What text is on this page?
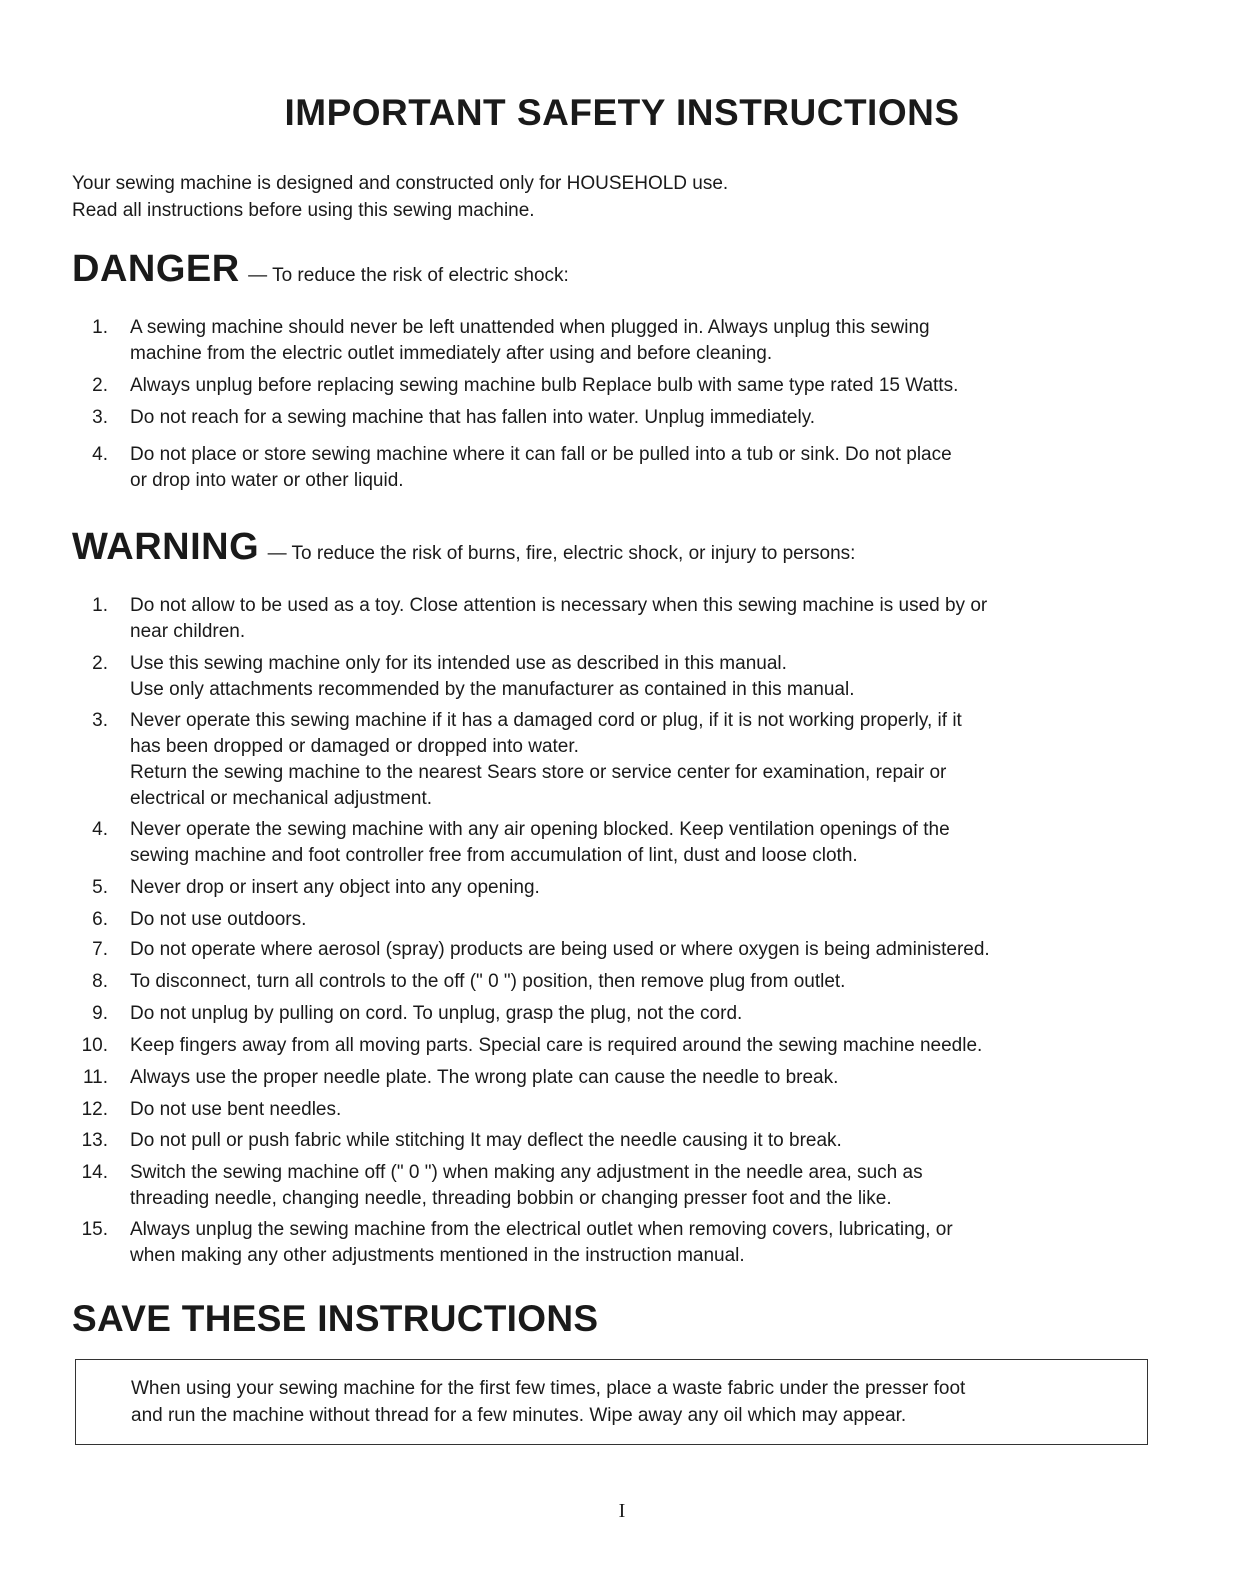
IMPORTANT SAFETY INSTRUCTIONS
Your sewing machine is designed and constructed only for HOUSEHOLD use.
Read all instructions before using this sewing machine.
DANGER — To reduce the risk of electric shock:
1. A sewing machine should never be left unattended when plugged in. Always unplug this sewing
machine from the electric outlet immediately after using and before cleaning.
2. Always unplug before replacing sewing machine bulb Replace bulb with same type rated 15 Watts.
3. Do not reach for a sewing machine that has fallen into water. Unplug immediately.
4. Do not place or store sewing machine where it can fall or be pulled into a tub or sink. Do not place
or drop into water or other liquid.
WARNING — To reduce the risk of burns, fire, electric shock, or injury to persons:
1. Do not allow to be used as a toy. Close attention is necessary when this sewing machine is used by or
near children.
2. Use this sewing machine only for its intended use as described in this manual.
Use only attachments recommended by the manufacturer as contained in this manual.
3. Never operate this sewing machine if it has a damaged cord or plug, if it is not working properly, if it
has been dropped or damaged or dropped into water.
Return the sewing machine to the nearest Sears store or service center for examination, repair or
electrical or mechanical adjustment.
4. Never operate the sewing machine with any air opening blocked. Keep ventilation openings of the
sewing machine and foot controller free from accumulation of lint, dust and loose cloth.
5. Never drop or insert any object into any opening.
6. Do not use outdoors.
7. Do not operate where aerosol (spray) products are being used or where oxygen is being administered.
8. To disconnect, turn all controls to the off (" 0 ") position, then remove plug from outlet.
9. Do not unplug by pulling on cord. To unplug, grasp the plug, not the cord.
10. Keep fingers away from all moving parts. Special care is required around the sewing machine needle.
11. Always use the proper needle plate. The wrong plate can cause the needle to break.
12. Do not use bent needles.
13. Do not pull or push fabric while stitching It may deflect the needle causing it to break.
14. Switch the sewing machine off (" 0 ") when making any adjustment in the needle area, such as
threading needle, changing needle, threading bobbin or changing presser foot and the like.
15. Always unplug the sewing machine from the electrical outlet when removing covers, lubricating, or
when making any other adjustments mentioned in the instruction manual.
SAVE THESE INSTRUCTIONS
When using your sewing machine for the first few times, place a waste fabric under the presser foot
and run the machine without thread for a few minutes. Wipe away any oil which may appear.
I
